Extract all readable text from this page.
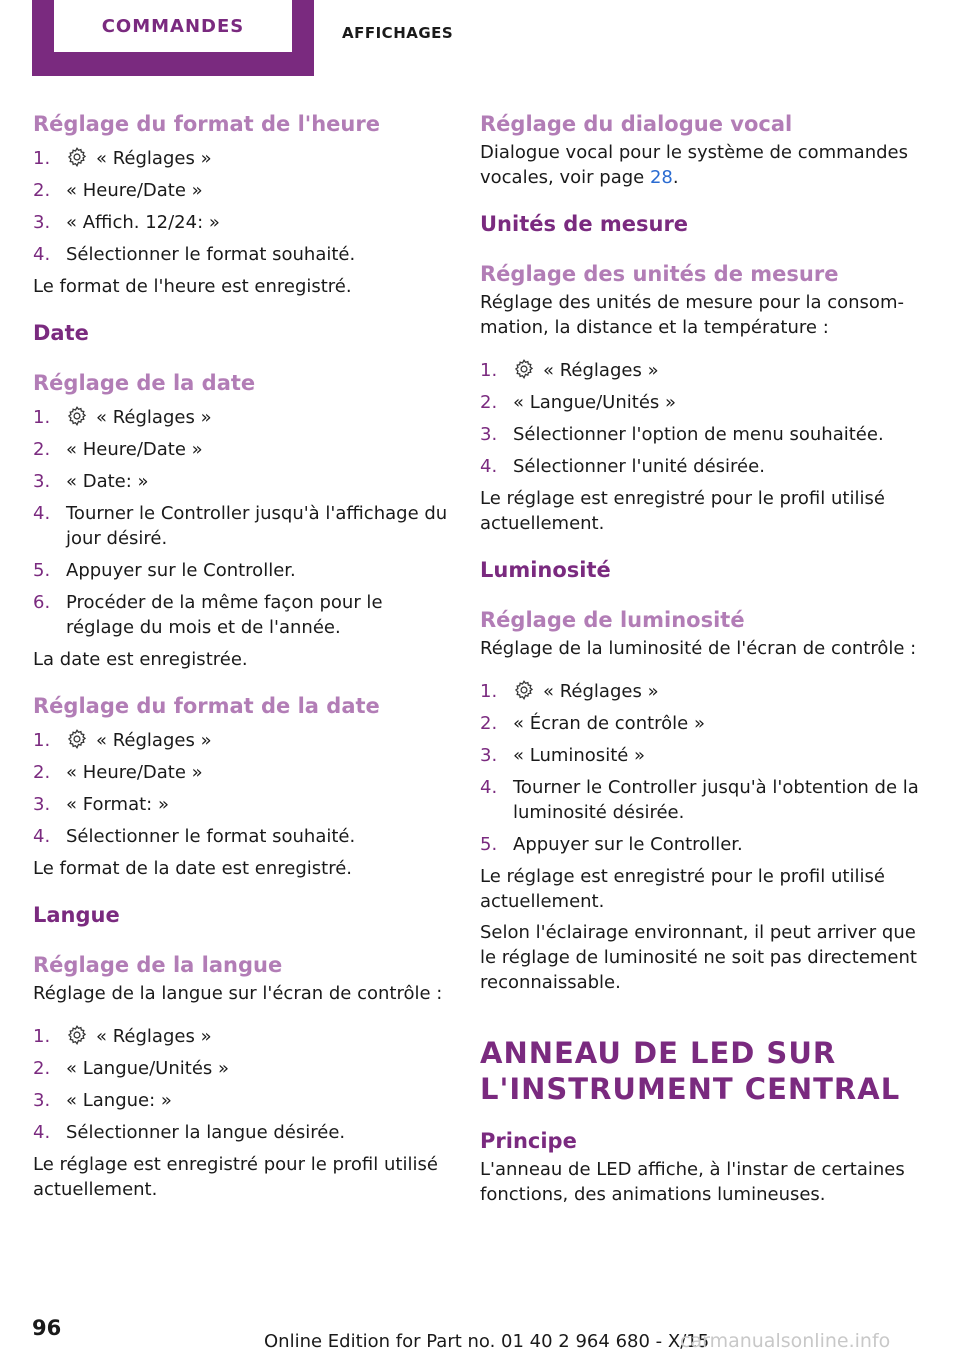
COMMANDES	AFFICHAGES
Réglage du format de l'heure
1.	« Réglages »
2. « Heure/Date »
3. « Affich. 12/24: »
4. Sélectionner le format souhaité.

Le format de l'heure est enregistré.

Date
Réglage de la date
1.	« Réglages »
2. « Heure/Date »
3. « Date: »
4. Tourner le Controller jusqu'à l'affichage du jour désiré.
5. Appuyer sur le Controller.
6. Procéder de la même façon pour le réglage du mois et de l'année.

La date est enregistrée.

Réglage du format de la date
1.	« Réglages »
2. « Heure/Date »
3. « Format: »
4. Sélectionner le format souhaité.

Le format de la date est enregistré.

Langue
Réglage de la langue

Réglage de la langue sur l'écran de contrôle :

1.	« Réglages »
2. « Langue/Unités »
3. « Langue: »
4. Sélectionner la langue désirée.

Le réglage est enregistré pour le profil utilisé actuellement.

Réglage du dialogue vocal

Dialogue vocal pour le système de commandes vocales, voir page 28.

Unités de mesure
Réglage des unités de mesure

Réglage des unités de mesure pour la consommation, la distance et la température :

1.	« Réglages »
2. « Langue/Unités »
3. Sélectionner l'option de menu souhaitée.
4. Sélectionner l'unité désirée.

Le réglage est enregistré pour le profil utilisé actuellement.

Luminosité
Réglage de luminosité

Réglage de la luminosité de l'écran de contrôle :

1.	« Réglages »
2. « Écran de contrôle »
3. « Luminosité »
4. Tourner le Controller jusqu'à l'obtention de la luminosité désirée.
5. Appuyer sur le Controller.

Le réglage est enregistré pour le profil utilisé actuellement.

Selon l'éclairage environnant, il peut arriver que le réglage de luminosité ne soit pas directement reconnaissable.

ANNEAU DE LED SUR L'INSTRUMENT CENTRAL
Principe

L'anneau de LED affiche, à l'instar de certaines fonctions, des animations lumineuses.

96
Online Edition for Part no. 01 40 2 964 680 - X/15
carmanualsonline.info
